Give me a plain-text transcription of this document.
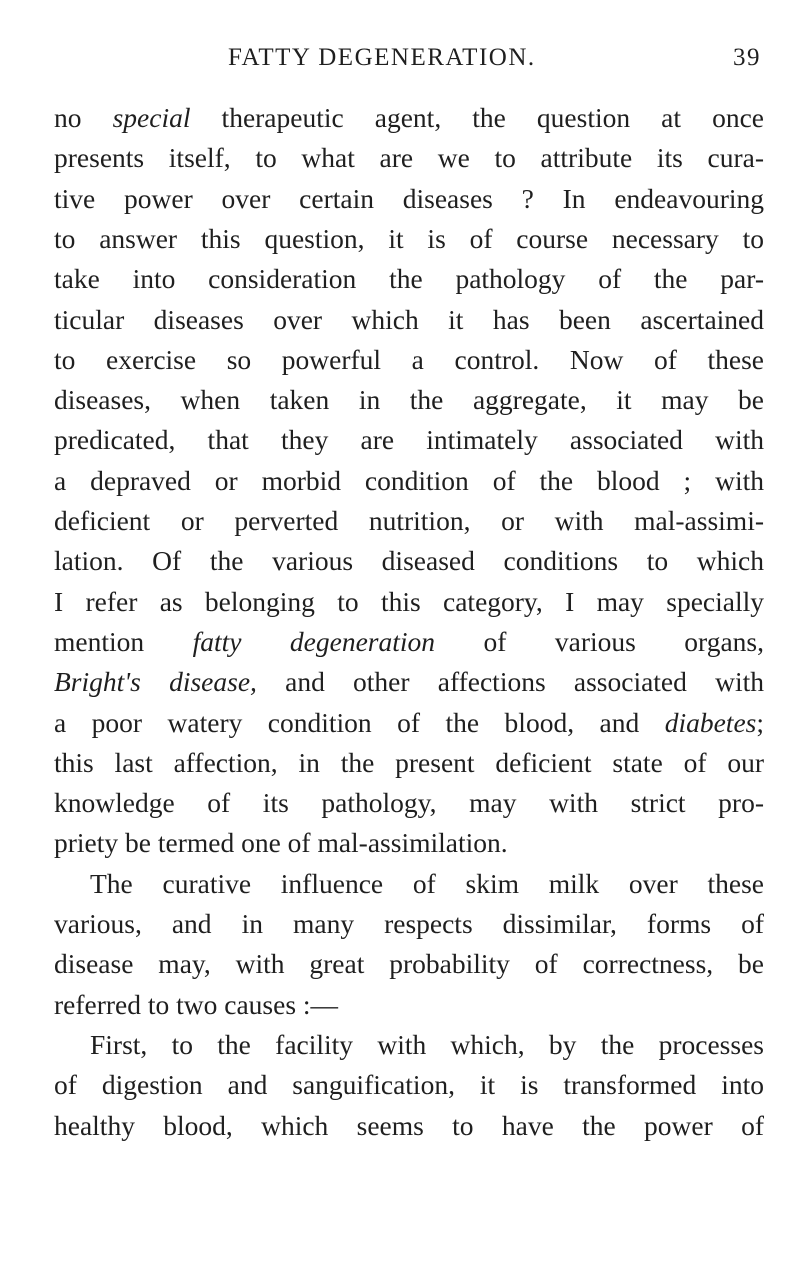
FATTY DEGENERATION.	39
no special therapeutic agent, the question at once
presents itself, to what are we to attribute its cura-
tive power over certain diseases ? In endeavouring
to answer this question, it is of course necessary to
take into consideration the pathology of the par-
ticular diseases over which it has been ascertained
to exercise so powerful a control. Now of these
diseases, when taken in the aggregate, it may be
predicated, that they are intimately associated with
a depraved or morbid condition of the blood ; with
deficient or perverted nutrition, or with mal-assimi-
lation. Of the various diseased conditions to which
I refer as belonging to this category, I may specially
mention fatty degeneration of various organs,
Bright's disease, and other affections associated with
a poor watery condition of the blood, and diabetes;
this last affection, in the present deficient state of our
knowledge of its pathology, may with strict pro-
priety be termed one of mal-assimilation.
The curative influence of skim milk over these
various, and in many respects dissimilar, forms of
disease may, with great probability of correctness, be
referred to two causes :—
First, to the facility with which, by the processes
of digestion and sanguification, it is transformed into
healthy blood, which seems to have the power of
